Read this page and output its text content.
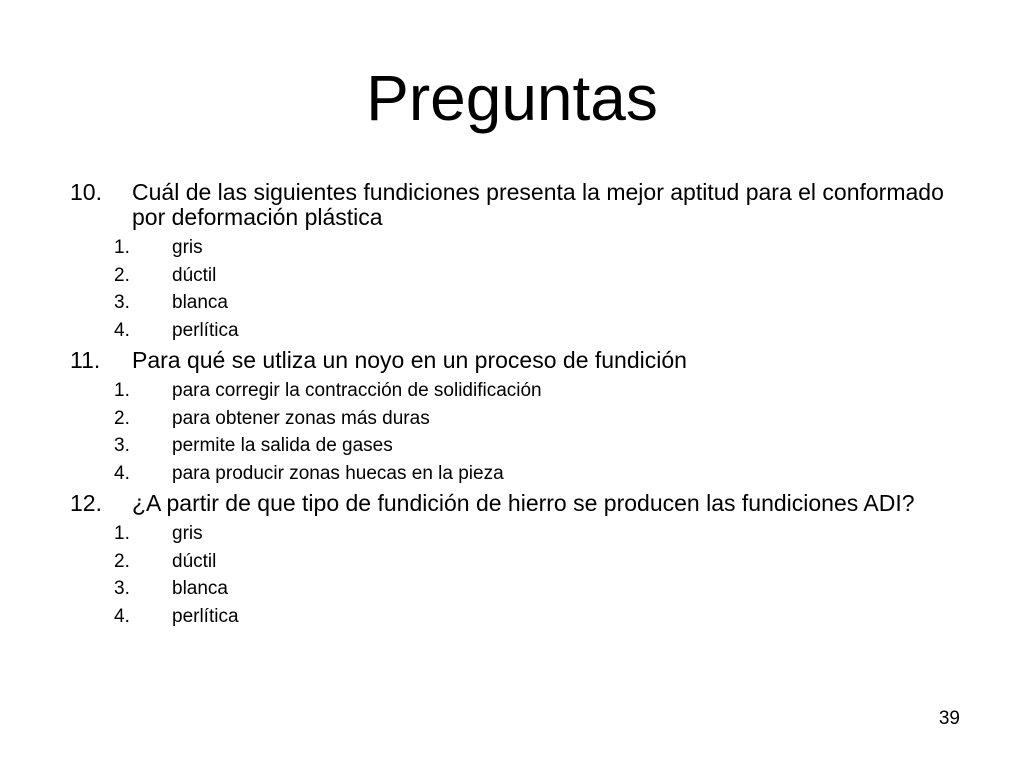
Preguntas
10. Cuál de las siguientes fundiciones presenta la mejor aptitud para el conformado por deformación plástica
1. gris
2. dúctil
3. blanca
4. perlítica
11. Para qué se utliza un noyo en un proceso de fundición
1. para corregir la contracción de solidificación
2. para obtener zonas más duras
3. permite la salida de gases
4. para producir zonas huecas en la pieza
12. ¿A partir de que tipo de fundición de hierro se producen las fundiciones ADI?
1. gris
2. dúctil
3. blanca
4. perlítica
39
